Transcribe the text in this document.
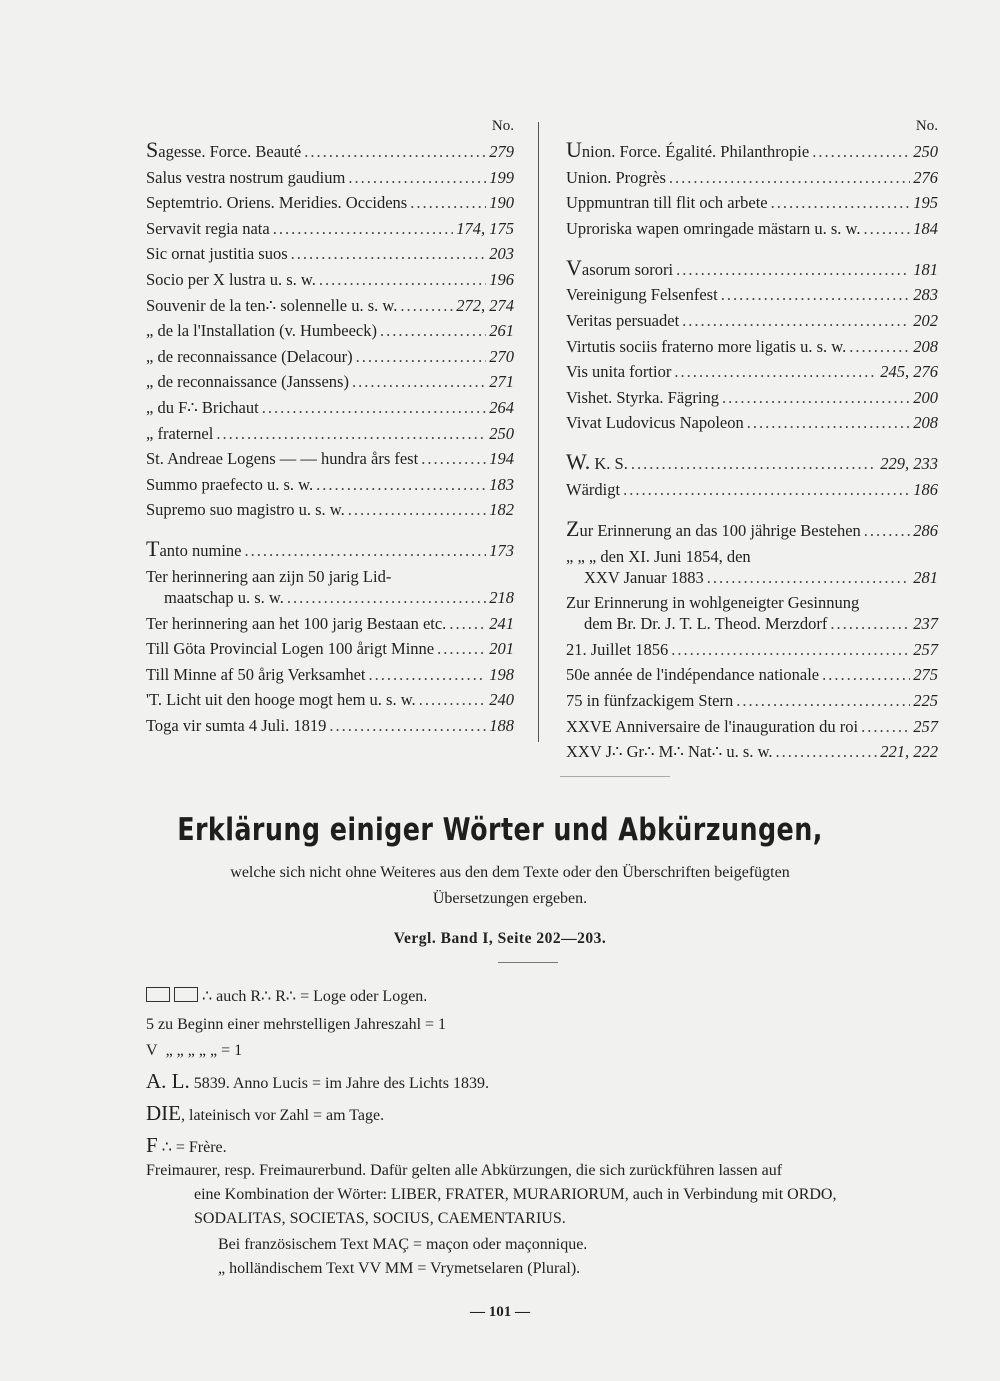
No.
Sagesse. Force. Beauté .....	279
Salus vestra nostrum gaudium .....	199
Septemtrio. Oriens. Meridies. Occidens .....	190
Servavit regia nata .....	174, 175
Sic ornat justitia suos .....	203
Socio per X lustra u. s. w. .....	196
Souvenir de la ten∴ solennelle u. s. w. .....	272, 274
„ de la l'Installation (v. Humbeeck) .....	261
„ de reconnaissance (Delacour) .....	270
„ de reconnaissance (Janssens) .....	271
„ du F∴ Brichaut .....	264
„ fraternel .....	250
St. Andreae Logens — — hundra års fest .....	194
Summo praefecto u. s. w. .....	183
Supremo suo magistro u. s. w. .....	182
Tanto numine .....	173
Ter herinnering aan zijn 50 jarig Lid-
maatschap u. s. w. .....	218
Ter herinnering aan het 100 jarig Bestaan etc. .....	241
Till Göta Provincial Logen 100 årigt Minne .....	201
Till Minne af 50 årig Verksamhet .....	198
'T. Licht uit den hooge mogt hem u. s. w. .....	240
Toga vir sumta 4 Juli. 1819 .....	188
No.
Union. Force. Égalité. Philanthropie .....	250
Union. Progrès .....	276
Uppmuntran till flit och arbete .....	195
Uproriska wapen omringade mästarn u. s. w. .....	184
Vasorum sorori .....	181
Vereinigung Felsenfest .....	283
Veritas persuadet .....	202
Virtutis sociis fraterno more ligatis u. s. w. .....	208
Vis unita fortior .....	245, 276
Vishet. Styrka. Fägring .....	200
Vivat Ludovicus Napoleon .....	208
W. K. S. .....	229, 233
Wärdigt .....	186
Zur Erinnerung an das 100 jährige Bestehen .....	286
„ „ „ den XI. Juni 1854, den
XXV Januar 1883 .....	281
Zur Erinnerung in wohlgeneigter Gesinnung
dem Br. Dr. J. T. L. Theod. Merzdorf .....	237
21. Juillet 1856 .....	257
50e année de l'indépendance nationale .....	275
75 in fünfzackigem Stern .....	225
XXVE Anniversaire de l'inauguration du roi .....	257
XXV J∴ Gr∴ M∴ Nat∴ u. s. w. .....	221, 222
Erklärung einiger Wörter und Abkürzungen,
welche sich nicht ohne Weiteres aus den dem Texte oder den Überschriften beigefügten Übersetzungen ergeben.
Vergl. Band I, Seite 202—203.
∴ auch R∴ R∴ = Loge oder Logen.
5 zu Beginn einer mehrstelligen Jahreszahl = 1
V „ „ „ „ „ = 1
A. L. 5839. Anno Lucis = im Jahre des Lichts 1839.
DIE, lateinisch vor Zahl = am Tage.
F ∴ = Frère.
Freimaurer, resp. Freimaurerbund. Dafür gelten alle Abkürzungen, die sich zurückführen lassen auf
eine Kombination der Wörter: LIBER, FRATER, MURARIORUM, auch in Verbindung mit ORDO,
SODALITAS, SOCIETAS, SOCIUS, CAEMENTARIUS.
Bei französischem Text MAÇ = maçon oder maçonnique.
„ holländischem Text VV MM = Vrymetselaren (Plural).
— 101 —
